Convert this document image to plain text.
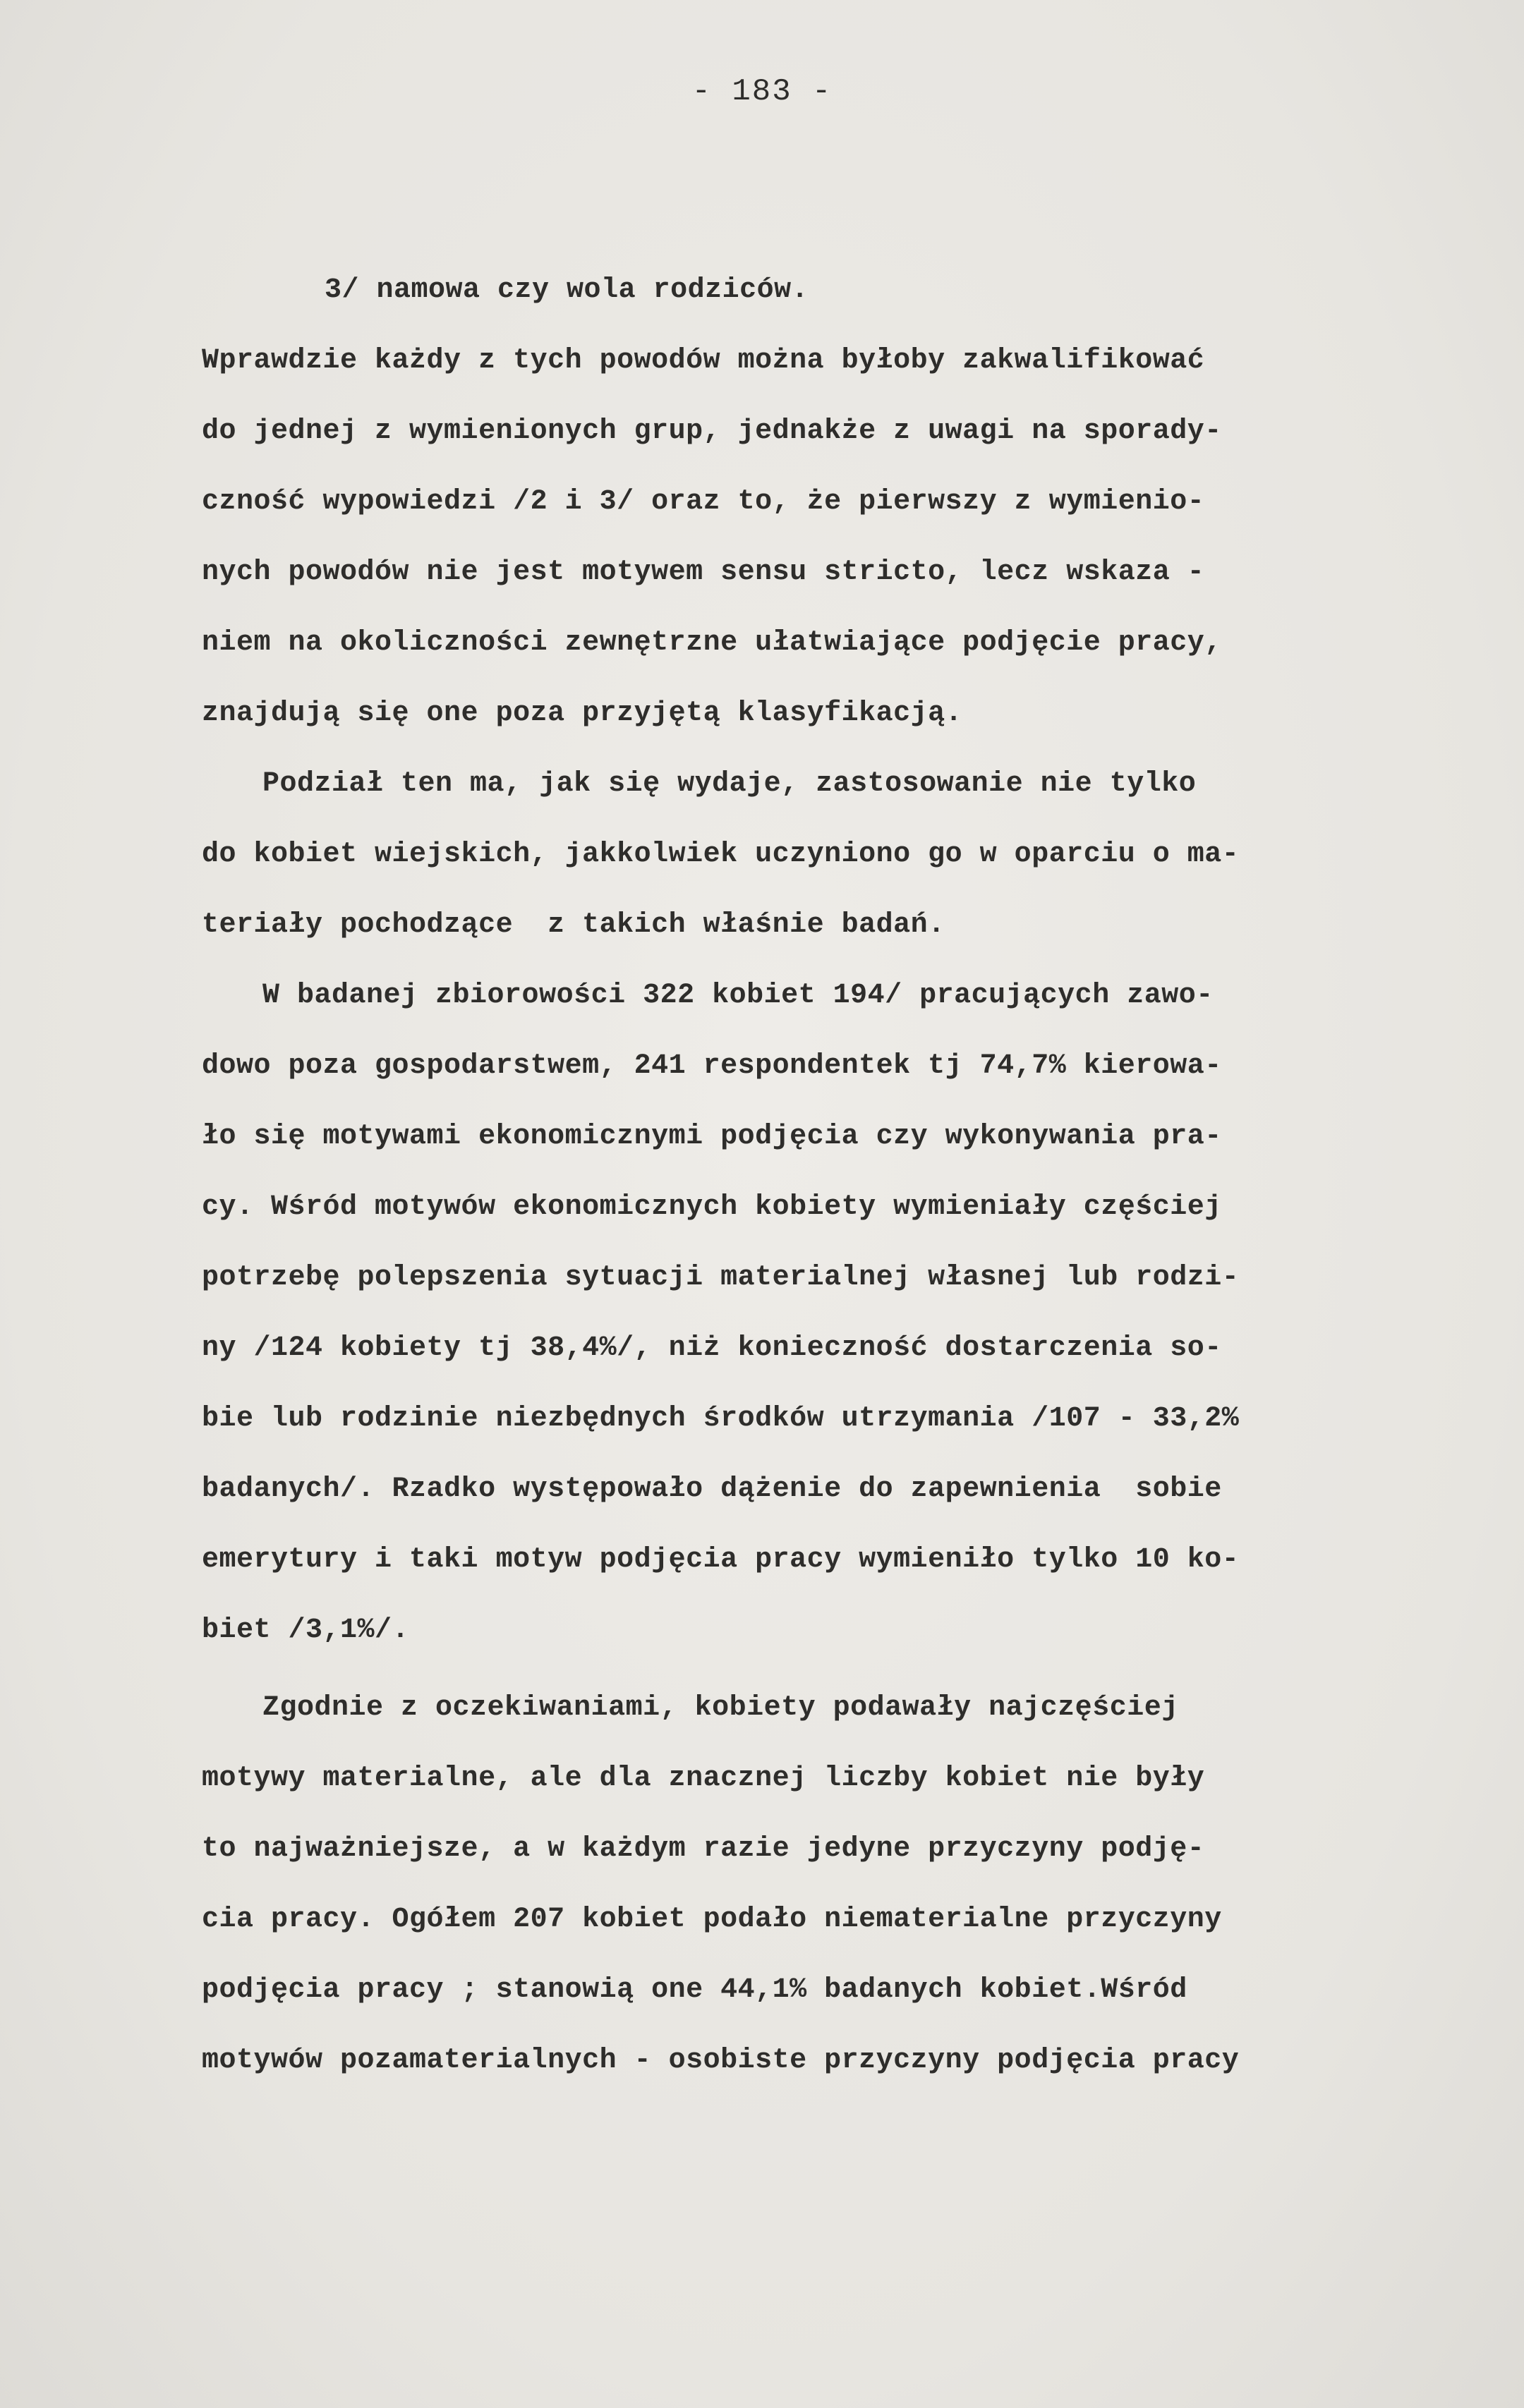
- 183 -
3/ namowa czy wola rodziców.
Wprawdzie każdy z tych powodów można byłoby zakwalifikować
do jednej z wymienionych grup, jednakże z uwagi na sporady-
czność wypowiedzi /2 i 3/ oraz to, że pierwszy z wymienio-
nych powodów nie jest motywem sensu stricto, lecz wskaza -
niem na okoliczności zewnętrzne ułatwiające podjęcie pracy,
znajdują się one poza przyjętą klasyfikacją.
Podział ten ma, jak się wydaje, zastosowanie nie tylko
do kobiet wiejskich, jakkolwiek uczyniono go w oparciu o ma-
teriały pochodzące  z takich właśnie badań.
W badanej zbiorowości 322 kobiet 194/ pracujących zawo-
dowo poza gospodarstwem, 241 respondentek tj 74,7% kierowa-
ło się motywami ekonomicznymi podjęcia czy wykonywania pra-
cy. Wśród motywów ekonomicznych kobiety wymieniały częściej
potrzebę polepszenia sytuacji materialnej własnej lub rodzi-
ny /124 kobiety tj 38,4%/, niż konieczność dostarczenia so-
bie lub rodzinie niezbędnych środków utrzymania /107 - 33,2%
badanych/. Rzadko występowało dążenie do zapewnienia  sobie
emerytury i taki motyw podjęcia pracy wymieniło tylko 10 ko-
biet /3,1%/.
Zgodnie z oczekiwaniami, kobiety podawały najczęściej
motywy materialne, ale dla znacznej liczby kobiet nie były
to najważniejsze, a w każdym razie jedyne przyczyny podję-
cia pracy. Ogółem 207 kobiet podało niematerialne przyczyny
podjęcia pracy ; stanowią one 44,1% badanych kobiet.Wśród
motywów pozamaterialnych - osobiste przyczyny podjęcia pracy
